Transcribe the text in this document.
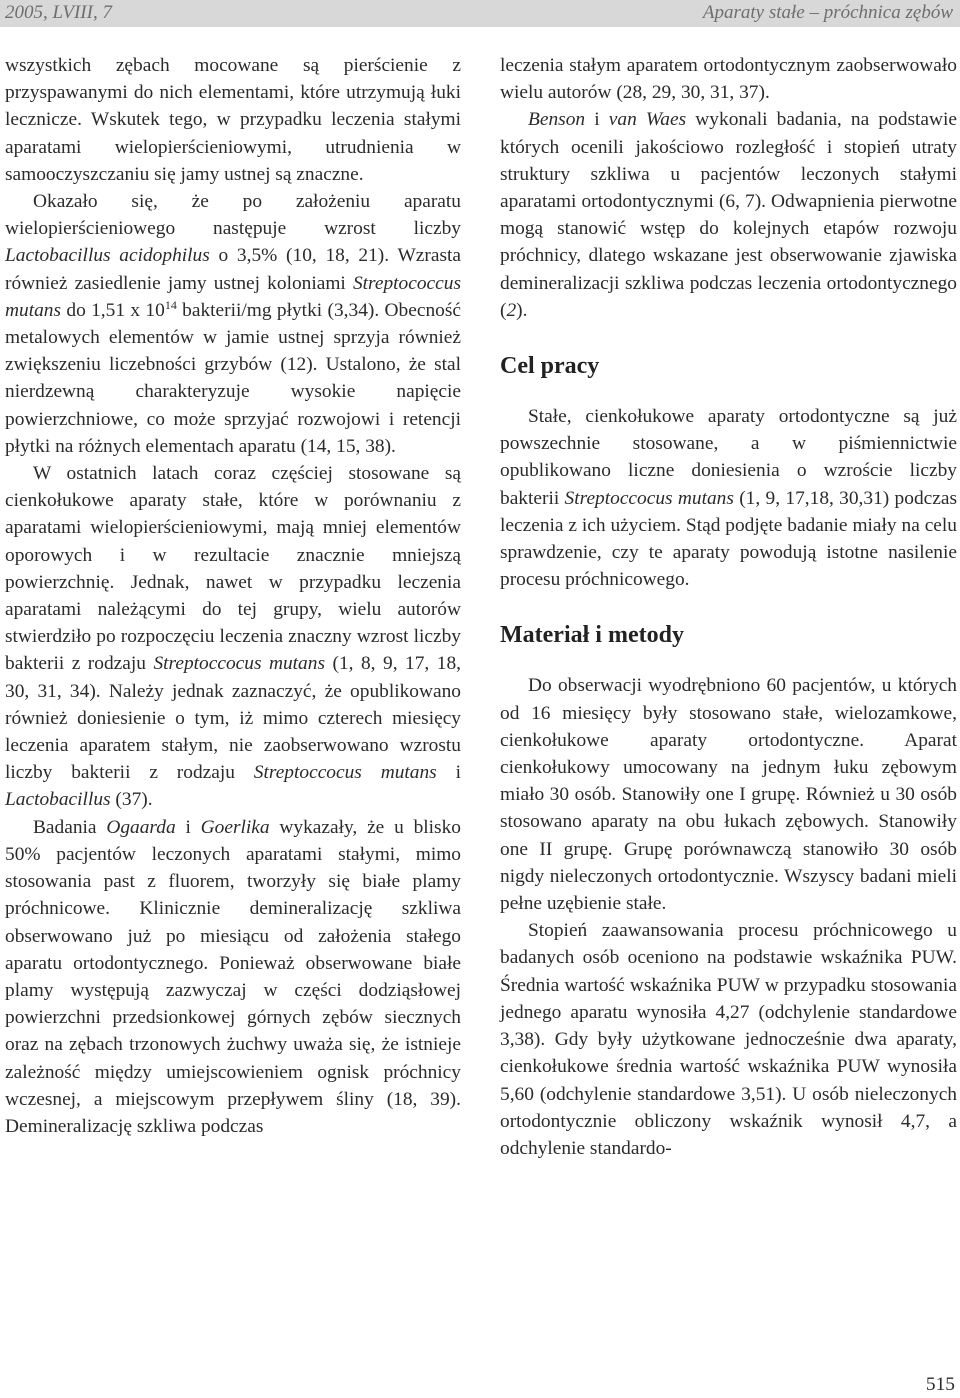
2005, LVIII, 7	Aparaty stałe – próchnica zębów

wszystkich zębach mocowane są pierścienie z przyspawanymi do nich elementami, które utrzymują łuki lecznicze. Wskutek tego, w przypadku leczenia stałymi aparatami wielopierścieniowymi, utrudnienia w samooczyszczaniu się jamy ustnej są znaczne.

Okazało się, że po założeniu aparatu wielopierścieniowego następuje wzrost liczby Lactobacillus acidophilus o 3,5% (10, 18, 21). Wzrasta również zasiedlenie jamy ustnej koloniami Streptococcus mutans do 1,51 x $10^{14}$ bakterii/mg płytki (3,34). Obecność metalowych elementów w jamie ustnej sprzyja również zwiększeniu liczebności grzybów (12). Ustalono, że stal nierdzewną charakteryzuje wysokie napięcie powierzchniowe, co może sprzyjać rozwojowi i retencji płytki na różnych elementach aparatu (14, 15, 38).

W ostatnich latach coraz częściej stosowane są cienkołukowe aparaty stałe, które w porównaniu z aparatami wielopierścieniowymi, mają mniej elementów oporowych i w rezultacie znacznie mniejszą powierzchnię. Jednak, nawet w przypadku leczenia aparatami należącymi do tej grupy, wielu autorów stwierdziło po rozpoczęciu leczenia znaczny wzrost liczby bakterii z rodzaju Streptoccocus mutans (1, 8, 9, 17, 18, 30, 31, 34). Należy jednak zaznaczyć, że opublikowano również doniesienie o tym, iż mimo czterech miesięcy leczenia aparatem stałym, nie zaobserwowano wzrostu liczby bakterii z rodzaju Streptoccocus mutans i Lactobacillus (37).

Badania Ogaarda i Goerlika wykazały, że u blisko 50% pacjentów leczonych aparatami stałymi, mimo stosowania past z fluorem, tworzyły się białe plamy próchnicowe. Klinicznie demineralizację szkliwa obserwowano już po miesiącu od założenia stałego aparatu ortodontycznego. Ponieważ obserwowane białe plamy występują zazwyczaj w części dodziąsłowej powierzchni przedsionkowej górnych zębów siecznych oraz na zębach trzonowych żuchwy uważa się, że istnieje zależność między umiejscowieniem ognisk próchnicy wczesnej, a miejscowym przepływem śliny (18, 39). Demineralizację szkliwa podczas

leczenia stałym aparatem ortodontycznym zaobserwowało wielu autorów (28, 29, 30, 31, 37).

Benson i van Waes wykonali badania, na podstawie których ocenili jakościowo rozległość i stopień utraty struktury szkliwa u pacjentów leczonych stałymi aparatami ortodontycznymi (6, 7). Odwapnienia pierwotne mogą stanowić wstęp do kolejnych etapów rozwoju próchnicy, dlatego wskazane jest obserwowanie zjawiska demineralizacji szkliwa podczas leczenia ortodontycznego (2).

Cel pracy

Stałe, cienkołukowe aparaty ortodontyczne są już powszechnie stosowane, a w piśmiennictwie opublikowano liczne doniesienia o wzroście liczby bakterii Streptoccocus mutans (1, 9, 17,18, 30,31) podczas leczenia z ich użyciem. Stąd podjęte badanie miały na celu sprawdzenie, czy te aparaty powodują istotne nasilenie procesu próchnicowego.

Materiał i metody

Do obserwacji wyodrębniono 60 pacjentów, u których od 16 miesięcy były stosowano stałe, wielozamkowe, cienkołukowe aparaty ortodontyczne. Aparat cienkołukowy umocowany na jednym łuku zębowym miało 30 osób. Stanowiły one I grupę. Również u 30 osób stosowano aparaty na obu łukach zębowych. Stanowiły one II grupę. Grupę porównawczą stanowiło 30 osób nigdy nieleczonych ortodontycznie. Wszyscy badani mieli pełne uzębienie stałe.

Stopień zaawansowania procesu próchnicowego u badanych osób oceniono na podstawie wskaźnika PUW. Średnia wartość wskaźnika PUW w przypadku stosowania jednego aparatu wynosiła 4,27 (odchylenie standardowe 3,38). Gdy były użytkowane jednocześnie dwa aparaty, cienkołukowe średnia wartość wskaźnika PUW wynosiła 5,60 (odchylenie standardowe 3,51). U osób nieleczonych ortodontycznie obliczony wskaźnik wynosił 4,7, a odchylenie standardo-

515
